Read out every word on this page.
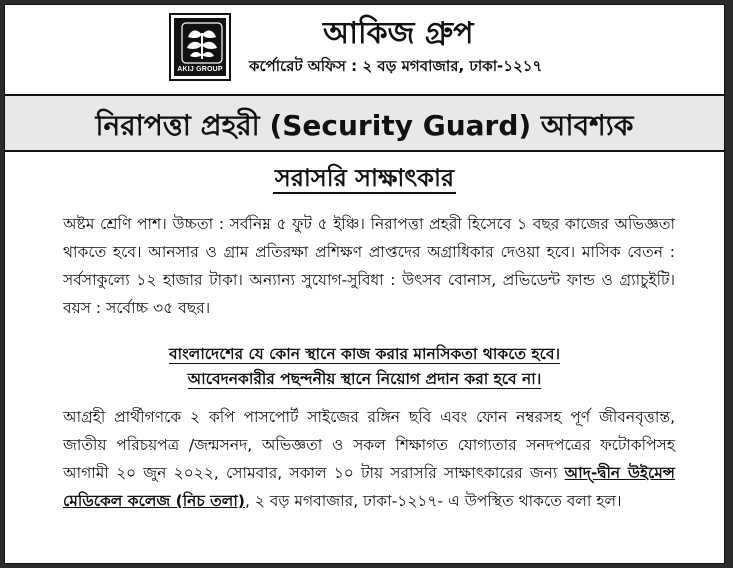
AKIJ GROUP
আকিজ গ্রুপ
কর্পোরেট অফিস : ২ বড় মগবাজার, ঢাকা-১২১৭
নিরাপত্তা প্রহরী (Security Guard) আবশ্যক
সরাসরি সাক্ষাৎকার
অষ্টম শ্রেণি পাশ। উচ্চতা : সর্বনিম্ন ৫ ফুট ৫ ইঞ্চি। নিরাপত্তা প্রহরী হিসেবে ১ বছর কাজের অভিজ্ঞতা থাকতে হবে। আনসার ও গ্রাম প্রতিরক্ষা প্রশিক্ষণ প্রাপ্তদের অগ্রাধিকার দেওয়া হবে। মাসিক বেতন : সর্বসাকুল্যে ১২ হাজার টাকা। অন্যান্য সুযোগ-সুবিধা : উৎসব বোনাস, প্রভিডেন্ট ফান্ড ও গ্র্যাচুইটি। বয়স : সর্বোচ্চ ৩৫ বছর।
বাংলাদেশের যে কোন স্থানে কাজ করার মানসিকতা থাকতে হবে।
আবেদনকারীর পছন্দনীয় স্থানে নিয়োগ প্রদান করা হবে না।
আগ্রহী প্রার্থীগণকে ২ কপি পাসপোর্ট সাইজের রঙ্গিন ছবি এবং ফোন নম্বরসহ পূর্ণ জীবনবৃত্তান্ত, জাতীয় পরিচয়পত্র /জন্মসনদ, অভিজ্ঞতা ও সকল শিক্ষাগত যোগ্যতার সনদপত্রের ফটোকপিসহ আগামী ২০ জুন ২০২২, সোমবার, সকাল ১০ টায় সরাসরি সাক্ষাৎকারের জন্য আদ্-দ্বীন উইমেন্স মেডিকেল কলেজ (নিচ তলা), ২ বড় মগবাজার, ঢাকা-১২১৭- এ উপস্থিত থাকতে বলা হল।
